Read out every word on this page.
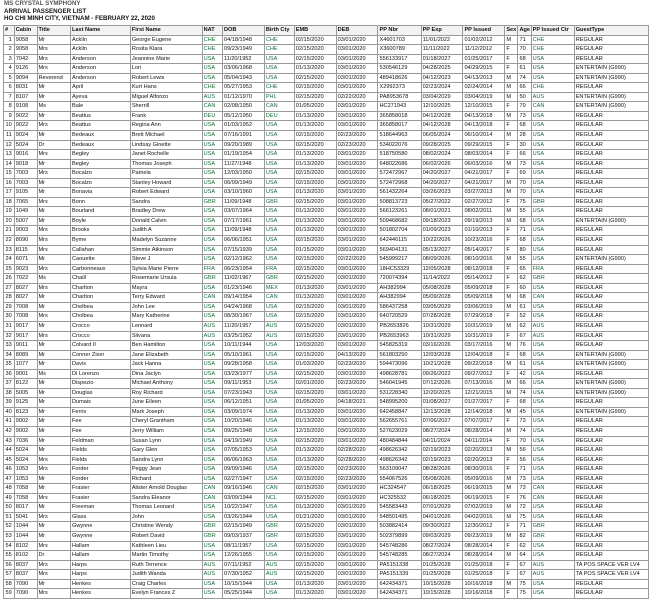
MS CRYSTAL SYMPHONY
ARRIVAL PASSENGER LIST
HO CHI MINH CITY, VIETNAM - FEBRUARY 22, 2020
#	Cabin	Title	Last Name	First Name	NAT	DOB	Birth Cty	EMB	DEB	PP Nbr	PP Exp	PP Issued	Sex	Age	PP Issued Ctr	GuestType
1	9058	Mr	Acklin	George Eugene	CHE	04/18/1948	CHE	02/15/2020	03/01/2020	X4601703	11/01/2022	01/02/2012	M	71	CHE	REGULAR
2	9058	Mrs	Acklin	Rosita Klara	CHE	09/23/1949	CHE	02/15/2020	03/01/2020	X3600789	11/11/2022	11/12/2012	F	70	CHE	REGULAR
3	7042	Mrs	Anderson	Jeannine Marie	USA	11/20/1952	USA	02/15/2020	03/01/2020	556133917	01/18/2027	01/25/2017	F	68	USA	REGULAR
4	9126	Mrs	Anderson	Lori	USA	03/06/1968	USA	01/13/2020	03/01/2020	530546129	04/28/2025	04/29/2015	F	61	USA	ENTERTAIN (G990)
5	9094	Reverend	Anderson	Robert Lewis	USA	05/04/1943	USA	02/15/2020	03/01/2020	489418626	04/12/2023	04/13/2013	M	74	USA	ENTERTAIN (G990)
6	8031	Mr	April	Kurt Hans	CHE	05/27/1953	CHE	02/15/2020	03/01/2020	X2992373	02/23/2024	02/24/2014	M	66	CHE	REGULAR
7	8107	Mr	Ayeva	Miguel Alfonzo	AUS	01/12/1970	PHL	02/15/2020	02/22/2020	PA8953678	03/04/2029	03/04/2019	M	50	AUS	ENTERTAIN (G990)
8	9108	Ms	Bale	Sherrill	CAN	02/08/1950	CAN	01/05/2020	03/01/2020	HC271943	12/10/2025	12/10/2015	F	70	CAN	ENTERTAIN (G990)
9	9022	Mr	Beattus	Frank	DEU	05/12/1950	DEU	01/13/2020	03/01/2020	365858018	04/12/2028	04/13/2018	M	73	USA	REGULAR
10	9022	Mrs	Beattus	Regina Ann	USA	01/03/1952	USA	01/13/2020	03/01/2020	365858017	04/12/2028	04/13/2018	F	68	USA	REGULAR
11	9024	Mr	Bedeaux	Brett Michael	USA	07/16/1991	USA	02/15/2020	02/23/2020	518644963	06/05/2024	06/10/2014	M	28	USA	REGULAR
12	5024	Dr	Bedeaux	Lindsay Ginette	USA	09/20/1989	USA	02/15/2020	02/23/2020	534022076	09/28/2025	09/29/2015	F	30	USA	REGULAR
13	9016	Mrs	Begley	Janet Rochelle	USA	01/19/1954	USA	01/13/2020	03/01/2020	518750580	08/02/2024	08/03/2014	F	66	USA	REGULAR
14	9018	Mr	Begley	Thomas Joseph	USA	11/27/1948	USA	01/13/2020	03/01/2020	648022686	06/02/2026	06/03/2016	M	73	USA	REGULAR
15	7003	Mrs	Bocalzo	Pamela	USA	12/03/1950	USA	02/15/2020	03/01/2020	572472967	04/20/2027	04/21/2017	F	69	USA	REGULAR
16	7003	Mr	Bocalzo	Stanley Howard	USA	06/09/1949	USA	02/15/2020	03/01/2020	572472968	04/20/2027	04/21/2017	M	70	USA	REGULAR
17	9105	Mr	Bonavia	Robert Edward	USA	03/10/1960	USA	01/13/2020	03/01/2020	561432264	03/26/2023	03/27/2013	M	70	USA	REGULAR
18	7065	Mrs	Bonn	Sandra	GBR	11/09/1948	GBR	02/15/2020	03/01/2020	508813723	05/27/2022	02/27/2012	F	75	GBR	REGULAR
19	1049	Mr	Bourland	Bradley Drew	USA	03/07/1964	USA	01/13/2020	03/01/2020	566123261	08/01/2021	08/02/2011	M	55	USA	REGULAR
20	5007	Mr	Boyle	Donald Calvin	USA	07/17/1961	USA	01/13/2020	03/01/2020	509468682	09/18/2023	09/19/2013	M	68	USA	ENTERTAIN (G990)
21	9003	Mrs	Brooks	Judith A	USA	11/09/1948	USA	01/13/2020	03/01/2020	501802704	01/09/2023	01/10/2013	F	71	USA	REGULAR
22	8090	Mrs	Byme	Madelyn Suzanne	USA	06/06/1951	USA	02/15/2020	03/01/2020	642446115	10/22/2026	10/23/2016	F	68	USA	REGULAR
23	8115	Mrs	Callahan	Simmie Atkinson	USA	07/15/1939	USA	01/15/2020	03/01/2020	569404131	05/13/2027	05/14/2017	F	80	USA	REGULAR
24	6071	Mr	Caouette	Steve J	USA	02/12/1962	USA	02/15/2020	02/22/2020	545999217	08/09/2026	08/10/2016	M	55	USA	ENTERTAIN (G990)
25	9023	Mrs	Carbonneaux	Sylvia Marie Pierre	FRA	06/23/1954	FRA	02/15/2020	03/01/2020	18HC53329	12/05/2028	08/12/2018	F	65	FRA	REGULAR
26	7022	Ms	Chaill	Rosemarie Ursula	GBR	11/02/1967	GBR	02/15/2020	03/01/2020	720074394	11/14/2022	05/14/2012	F	62	GBR	REGULAR
27	8027	Mrs	Charlton	Mayra	USA	01/23/1946	MEX	01/13/2020	03/01/2020	AH382994	05/08/2028	05/09/2018	F	60	USA	REGULAR
28	8027	Mr	Charlton	Terry Edward	CAN	09/14/1954	CAN	01/13/2020	03/01/2020	AH382994	05/09/2028	05/09/2018	M	68	CAN	REGULAR
29	7008	Mr	Chelbea	John Lee	USA	04/24/1968	USA	02/15/2020	03/01/2020	586437258	03/05/2029	03/06/2019	M	61	USA	REGULAR
30	7008	Mrs	Cholbea	Mary Katherine	USA	08/30/1967	USA	02/15/2020	03/01/2020	640720529	07/28/2028	07/29/2018	F	52	USA	REGULAR
31	9017	Mr	Crocco	Lennard	AUS	11/20/1957	AUS	02/15/2020	03/01/2020	PB2653826	10/31/2029	10/31/2019	M	62	AUS	REGULAR
32	9017	Mrs	Crocco	Silvana	AUS	03/25/1952	AUS	02/15/2020	03/01/2020	PB2653963	10/31/2029	10/31/2019	F	67	AUS	REGULAR
33	9011	Mr	Colvard II	Ben Hamilton	USA	10/11/1944	USA	12/03/2020	03/01/2020	545825319	03/16/2026	03/17/2016	M	76	USA	REGULAR
34	8089	Mr	Conner Ziser	Jane Elizabeth	USA	05/10/1961	USA	02/15/2020	04/13/2020	561803250	12/03/2028	12/04/2018	F	68	USA	ENTERTAIN (G990)
35	1077	Mr	Davis	Jack Hanna	USA	09/28/1958	USA	01/03/2020	02/23/2020	594473096	10/21/2028	09/22/2018	M	61	USA	ENTERTAIN (G990)
36	9001	Ms	Di Lorenzo	Dina Jaclyn	USA	03/23/1977	USA	02/15/2020	03/01/2020	498628781	09/26/2022	09/27/2012	F	42	USA	REGULAR
37	8122	Mr	Dispezio	Michael Anthony	USA	09/11/1953	USA	02/01/2020	02/23/2020	546041945	07/12/2026	07/13/2016	M	66	USA	ENTERTAIN (G990)
38	5005	Mr	Douglas	Roy Richard	USA	07/23/1943	USA	02/15/2020	03/01/2020	531228340	12/20/2025	12/21/2015	M	74	USA	ENTERTAIN (G990)
39	9125	Mr	Dumais	June Eileen	USA	06/12/1951	USA	01/05/2020	04/18/2021	548995200	01/08/2027	01/27/2017	F	68	USA	REGULAR
40	8123	Mr	Ferris	Mark Joseph	USA	03/09/1974	USA	01/13/2020	03/01/2020	642458847	12/13/2028	12/14/2018	M	45	USA	ENTERTAIN (G990)
41	9002	Mr	Fee	Cheryl Grantham	USA	10/20/1946	USA	01/13/2020	03/01/2020	562655761	07/06/2027	07/07/2017	F	73	USA	REGULAR
42	9002	Mr	Fee	Jerry William	USA	09/25/1948	USA	12/15/2020	03/01/2020	527623029	08/27/2024	08/28/2014	M	74	USA	REGULAR
43	7036	Mr	Feldman	Susan Lynn	USA	04/19/1949	USA	02/15/2020	03/01/2020	480484844	04/11/2024	04/11/2014	F	70	USA	REGULAR
44	5024	Mr	Fields	Gary Glen	USA	07/05/1953	USA	01/13/2020	02/28/2020	498626342	02/19/2023	02/20/2013	M	56	USA	REGULAR
45	5024	Mrs	Fields	Sandra Lynn	USA	06/06/1963	USA	01/13/2020	02/28/2020	498626342	02/19/2023	02/20/2013	F	56	USA	REGULAR
46	1053	Mrs	Forder	Peggy Jean	USA	09/09/1946	USA	02/15/2020	02/23/2020	563109047	08/28/2026	08/30/2016	F	71	USA	REGULAR
47	1053	Mr	Forder	Richard	USA	02/27/1947	USA	02/15/2020	02/23/2020	554067526	05/08/2026	05/09/2016	M	73	USA	REGULAR
48	7058	Mr	Frasier	Alister Arnold Douglas	CAN	09/16/1946	CAN	02/15/2020	03/01/2020	HC324547	06/18/2025	06/19/2015	M	73	CAN	REGULAR
49	7058	Mrs	Frasier	Sandra Eleanor	CAN	03/09/1944	NCL	02/15/2020	03/01/2020	HC325532	06/18/2025	06/19/2015	F	76	CAN	REGULAR
50	8017	Mr	Freeman	Thomas Leonard	USA	10/22/1947	USA	01/13/2020	03/01/2020	545583443	07/01/2029	07/02/2019	M	72	USA	REGULAR
51	5041	Mrs	Glass	John	USA	03/26/1944	USA	01/21/2020	03/01/2020	548501495	04/01/2026	04/02/2016	M	75	USA	REGULAR
52	1044	Mr	Gwynne	Christine Wendy	GBR	02/15/1949	GBR	02/15/2020	03/01/2020	503882414	09/30/2022	12/30/2012	F	71	GBR	REGULAR
53	1044	Mr	Gwynne	Robert David	GBR	09/03/1937	GBR	02/15/2020	03/01/2020	502379899	09/03/2029	09/23/2019	M	82	GBR	REGULAR
54	8102	Mrs	Hallam	Kathleen Lieu	USA	08/11/1957	USA	02/15/2020	03/01/2020	545748286	08/27/2024	08/28/2014	F	62	USA	REGULAR
55	8102	Dr	Hallam	Martin Timothy	USA	12/26/1955	USA	02/15/2020	03/01/2020	545748285	08/27/2024	08/28/2014	M	64	USA	REGULAR
56	8037	Mrs	Harps	Ruth Terrence	AUS	07/11/1952	AUS	02/15/2020	03/01/2020	PA5151338	01/25/2028	01/25/2018	F	67	AUS	TA POS SPACE VER LV4
57	8037	Mrs	Harps	Judith Wanda	AUS	07/30/1952	AUS	02/15/2020	03/01/2020	PA5151339	01/25/2028	01/25/2018	F	67	AUS	TA POS SPACE VER LV4
58	7090	Mr	Henkes	Craig Charles	USA	10/15/1944	USA	01/13/2020	03/01/2020	642434371	10/15/2028	10/16/2018	M	75	USA	REGULAR
59	7090	Mrs	Henkes	Evelyn Frances Z	USA	05/25/1944	USA	01/13/2020	03/01/2020	642434371	10/15/2028	10/16/2018	F	75	USA	REGULAR
